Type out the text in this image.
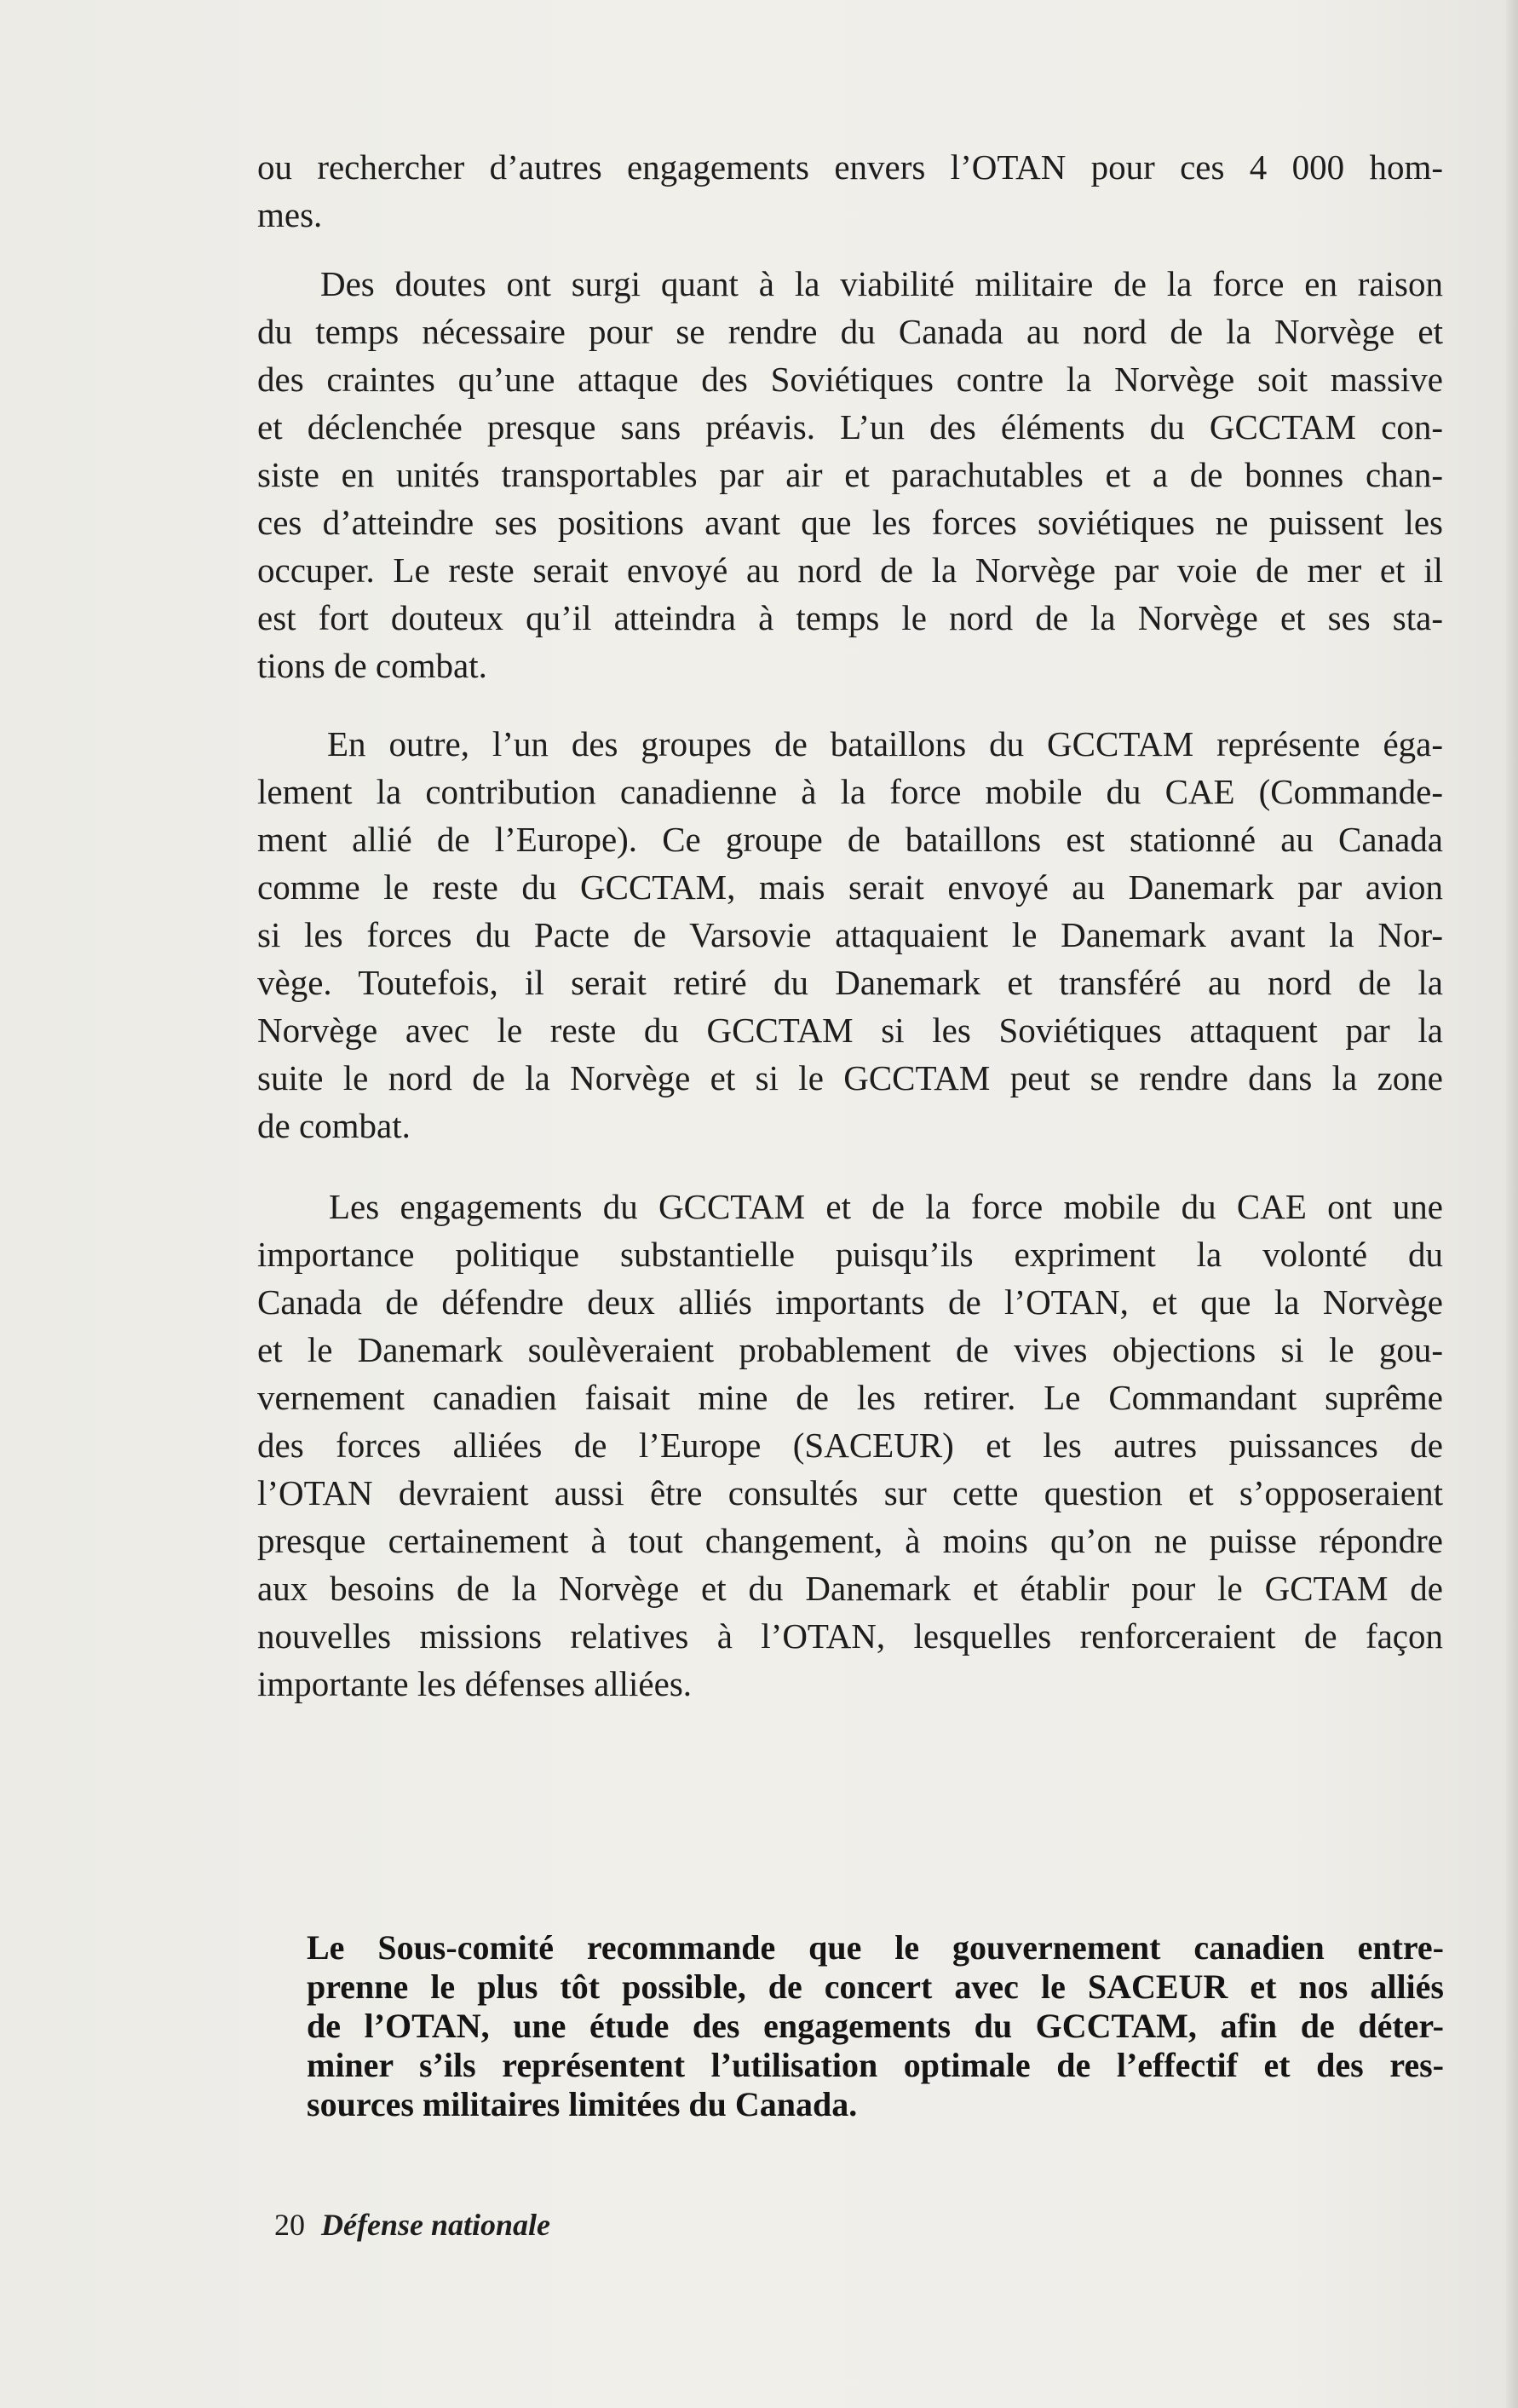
ou rechercher d’autres engagements envers l’OTAN pour ces 4 000 hom-
mes.
Des doutes ont surgi quant à la viabilité militaire de la force en raison
du temps nécessaire pour se rendre du Canada au nord de la Norvège et
des craintes qu’une attaque des Soviétiques contre la Norvège soit massive
et déclenchée presque sans préavis. L’un des éléments du GCCTAM con-
siste en unités transportables par air et parachutables et a de bonnes chan-
ces d’atteindre ses positions avant que les forces soviétiques ne puissent les
occuper. Le reste serait envoyé au nord de la Norvège par voie de mer et il
est fort douteux qu’il atteindra à temps le nord de la Norvège et ses sta-
tions de combat.
En outre, l’un des groupes de bataillons du GCCTAM représente éga-
lement la contribution canadienne à la force mobile du CAE (Commande-
ment allié de l’Europe). Ce groupe de bataillons est stationné au Canada
comme le reste du GCCTAM, mais serait envoyé au Danemark par avion
si les forces du Pacte de Varsovie attaquaient le Danemark avant la Nor-
vège. Toutefois, il serait retiré du Danemark et transféré au nord de la
Norvège avec le reste du GCCTAM si les Soviétiques attaquent par la
suite le nord de la Norvège et si le GCCTAM peut se rendre dans la zone
de combat.
Les engagements du GCCTAM et de la force mobile du CAE ont une
importance politique substantielle puisqu’ils expriment la volonté du
Canada de défendre deux alliés importants de l’OTAN, et que la Norvège
et le Danemark soulèveraient probablement de vives objections si le gou-
vernement canadien faisait mine de les retirer. Le Commandant suprême
des forces alliées de l’Europe (SACEUR) et les autres puissances de
l’OTAN devraient aussi être consultés sur cette question et s’opposeraient
presque certainement à tout changement, à moins qu’on ne puisse répondre
aux besoins de la Norvège et du Danemark et établir pour le GCTAM de
nouvelles missions relatives à l’OTAN, lesquelles renforceraient de façon
importante les défenses alliées.
Le Sous-comité recommande que le gouvernement canadien entre-
prenne le plus tôt possible, de concert avec le SACEUR et nos alliés
de l’OTAN, une étude des engagements du GCCTAM, afin de déter-
miner s’ils représentent l’utilisation optimale de l’effectif et des res-
sources militaires limitées du Canada.
20 Défense nationale
